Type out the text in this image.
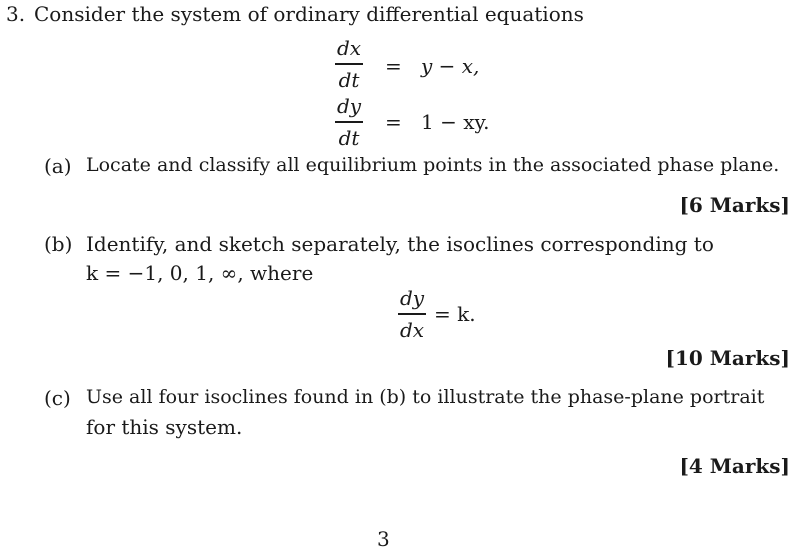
3. Consider the system of ordinary differential equations
dx
dt
= y − x,
dy
dt
= 1 − xy.
(a) Locate and classify all equilibrium points in the associated phase plane.
[6 Marks]
(b) Identify, and sketch separately, the isoclines corresponding to
k = −1, 0, 1, ∞, where
dy
dx
= k.
[10 Marks]
(c) Use all four isoclines found in (b) to illustrate the phase-plane portrait
for this system.
[4 Marks]
3
